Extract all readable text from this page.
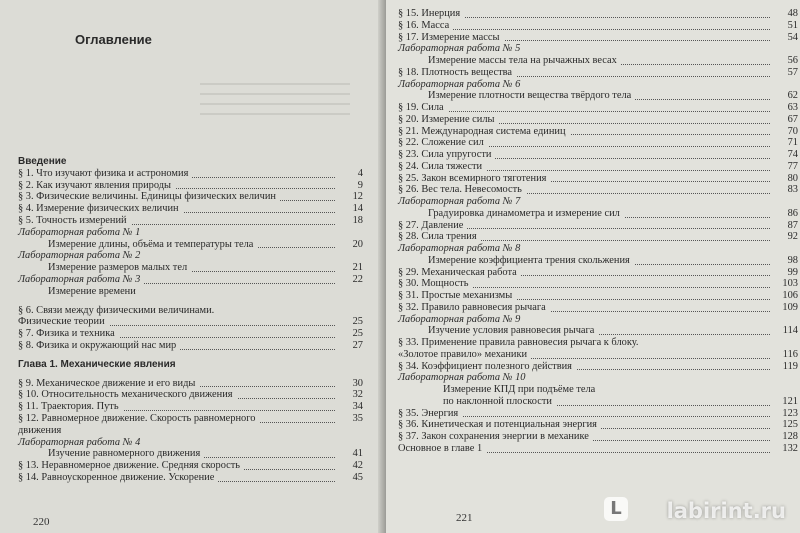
Оглавление
Введение
§ 1. Что изучают физика и астрономия	4
§ 2. Как изучают явления природы	9
§ 3. Физические величины. Единицы физических величин	12
§ 4. Измерение физических величин	14
§ 5. Точность измерений	18
Лабораторная работа № 1
Измерение длины, объёма и температуры тела	20
Лабораторная работа № 2
Измерение размеров малых тел	21
Лабораторная работа № 3	22
Измерение времени
§ 6. Связи между физическими величинами.
Физические теории	25
§ 7. Физика и техника	25
§ 8. Физика и окружающий нас мир	27
Глава 1. Механические явления
§ 9. Механическое движение и его виды	30
§ 10. Относительность механического движения	32
§ 11. Траектория. Путь	34
§ 12. Равномерное движение. Скорость равномерного	35
движения
Лабораторная работа № 4
Изучение равномерного движения	41
§ 13. Неравномерное движение. Средняя скорость	42
§ 14. Равноускоренное движение. Ускорение	45
220
§ 15. Инерция	48
§ 16. Масса	51
§ 17. Измерение массы	54
Лабораторная работа № 5
Измерение массы тела на рычажных весах	56
§ 18. Плотность вещества	57
Лабораторная работа № 6
Измерение плотности вещества твёрдого тела	62
§ 19. Сила	63
§ 20. Измерение силы	67
§ 21. Международная система единиц	70
§ 22. Сложение сил	71
§ 23. Сила упругости	74
§ 24. Сила тяжести	77
§ 25. Закон всемирного тяготения	80
§ 26. Вес тела. Невесомость	83
Лабораторная работа № 7
Градуировка динамометра и измерение сил	86
§ 27. Давление	87
§ 28. Сила трения	92
Лабораторная работа № 8
Измерение коэффициента трения скольжения	98
§ 29. Механическая работа	99
§ 30. Мощность	103
§ 31. Простые механизмы	106
§ 32. Правило равновесия рычага	109
Лабораторная работа № 9
Изучение условия равновесия рычага	114
§ 33. Применение правила равновесия рычага к блоку.
«Золотое правило» механики	116
§ 34. Коэффициент полезного действия	119
Лабораторная работа № 10
Измерение КПД при подъёме тела
по наклонной плоскости	121
§ 35. Энергия	123
§ 36. Кинетическая и потенциальная энергия	125
§ 37. Закон сохранения энергии в механике	128
Основное в главе 1	132
221	L labirint.ru
